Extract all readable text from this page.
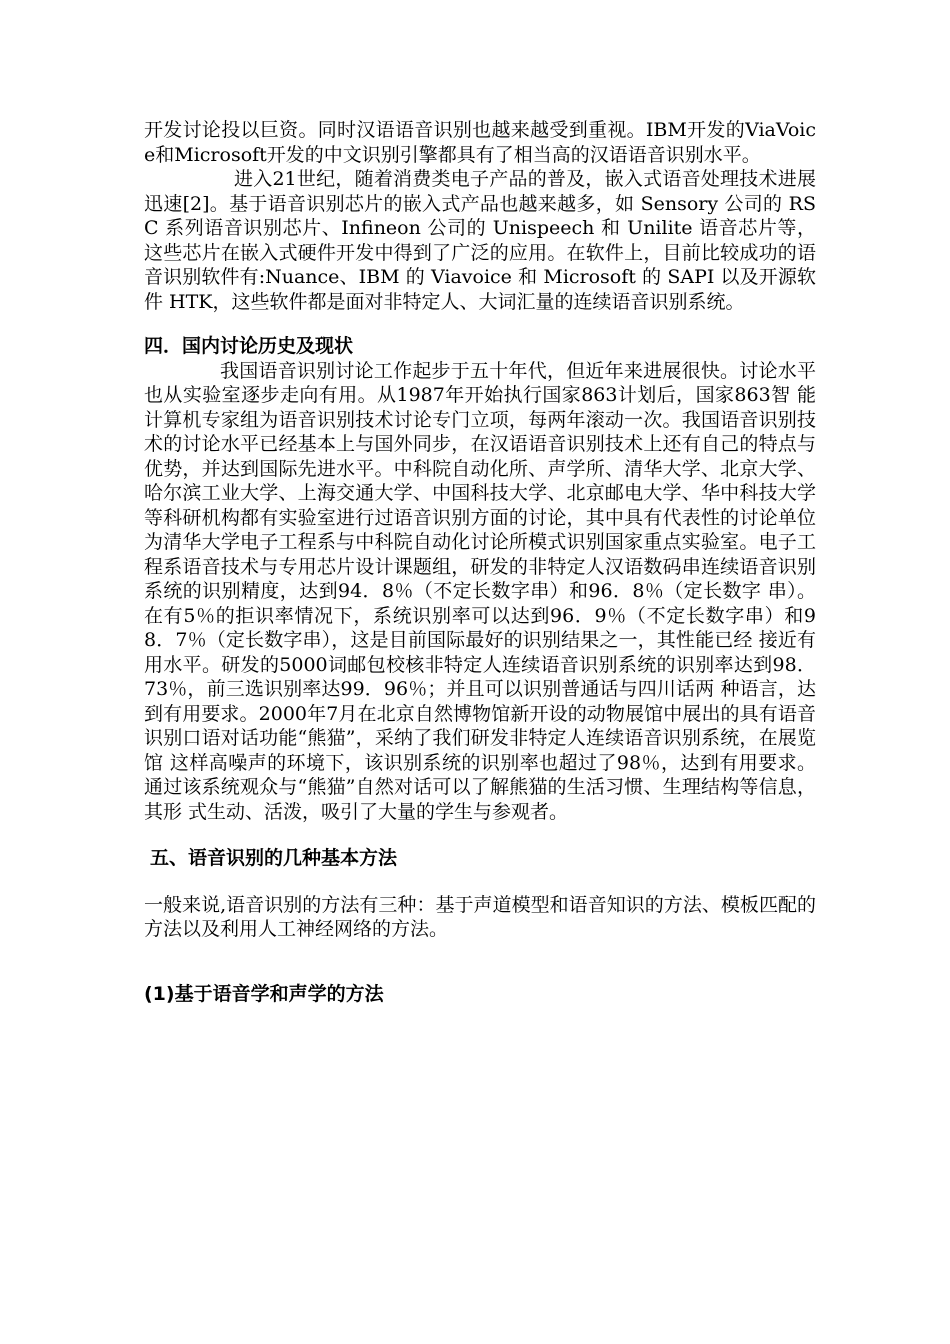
开发讨论投以巨资。同时汉语语音识别也越来越受到重视。IBM开发的ViaVoice和Microsoft开发的中文识别引擎都具有了相当高的汉语语音识别水平。

进入21世纪，随着消费类电子产品的普及，嵌入式语音处理技术进展迅速[2]。基于语音识别芯片的嵌入式产品也越来越多，如 Sensory 公司的 RSC 系列语音识别芯片、Infineon 公司的 Unispeech 和 Unilite 语音芯片等，这些芯片在嵌入式硬件开发中得到了广泛的应用。在软件上，目前比较成功的语音识别软件有:Nuance、IBM 的 Viavoice 和 Microsoft 的 SAPI 以及开源软件 HTK，这些软件都是面对非特定人、大词汇量的连续语音识别系统。

四．国内讨论历史及现状

我国语音识别讨论工作起步于五十年代，但近年来进展很快。讨论水平也从实验室逐步走向有用。从1987年开始执行国家863计划后，国家863智 能计算机专家组为语音识别技术讨论专门立项，每两年滚动一次。我国语音识别技术的讨论水平已经基本上与国外同步，在汉语语音识别技术上还有自己的特点与优势，并达到国际先进水平。中科院自动化所、声学所、清华大学、北京大学、哈尔滨工业大学、上海交通大学、中国科技大学、北京邮电大学、华中科技大学等科研机构都有实验室进行过语音识别方面的讨论，其中具有代表性的讨论单位为清华大学电子工程系与中科院自动化讨论所模式识别国家重点实验室。电子工程系语音技术与专用芯片设计课题组，研发的非特定人汉语数码串连续语音识别系统的识别精度，达到94．8％（不定长数字串）和96．8％（定长数字 串）。在有5％的拒识率情况下，系统识别率可以达到96．9％（不定长数字串）和98．7％（定长数字串），这是目前国际最好的识别结果之一，其性能已经 接近有用水平。研发的5000词邮包校核非特定人连续语音识别系统的识别率达到98．73％，前三选识别率达99．96％；并且可以识别普通话与四川话两 种语言，达到有用要求。2000年7月在北京自然博物馆新开设的动物展馆中展出的具有语音识别口语对话功能“熊猫”，采纳了我们研发非特定人连续语音识别系统，在展览馆 这样高噪声的环境下，该识别系统的识别率也超过了98％，达到有用要求。通过该系统观众与“熊猫”自然对话可以了解熊猫的生活习惯、生理结构等信息，其形 式生动、活泼，吸引了大量的学生与参观者。

五、语音识别的几种基本方法

一般来说,语音识别的方法有三种：基于声道模型和语音知识的方法、模板匹配的方法以及利用人工神经网络的方法。

(1)基于语音学和声学的方法
